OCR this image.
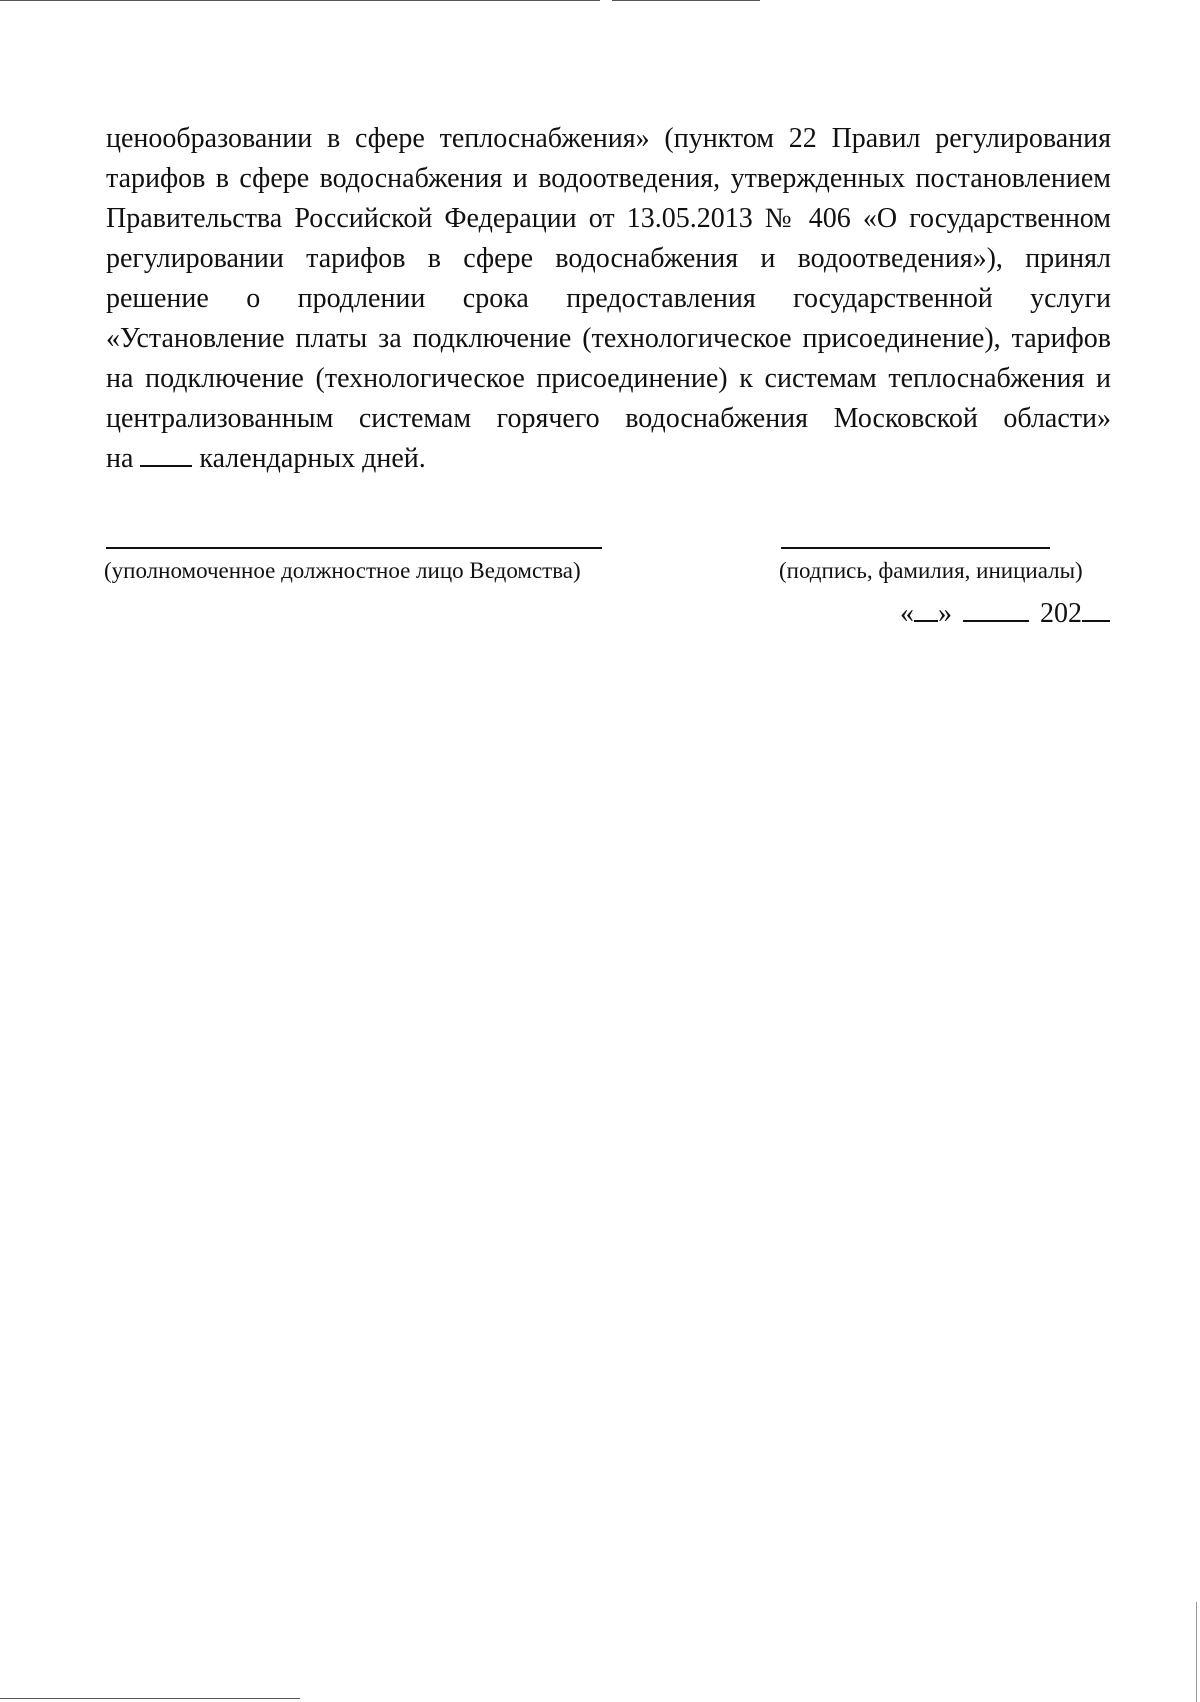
ценообразовании в сфере теплоснабжения» (пунктом 22 Правил регулирования
тарифов в сфере водоснабжения и водоотведения, утвержденных постановлением
Правительства Российской Федерации от 13.05.2013 № 406 «О государственном
регулировании тарифов в сфере водоснабжения и водоотведения»), принял
решение о продлении срока предоставления государственной услуги
«Установление платы за подключение (технологическое присоединение), тарифов
на подключение (технологическое присоединение) к системам теплоснабжения и
централизованным системам горячего водоснабжения Московской области»
на календарных дней.
(уполномоченное должностное лицо Ведомства)	(подпись, фамилия, инициалы)
« »	202
